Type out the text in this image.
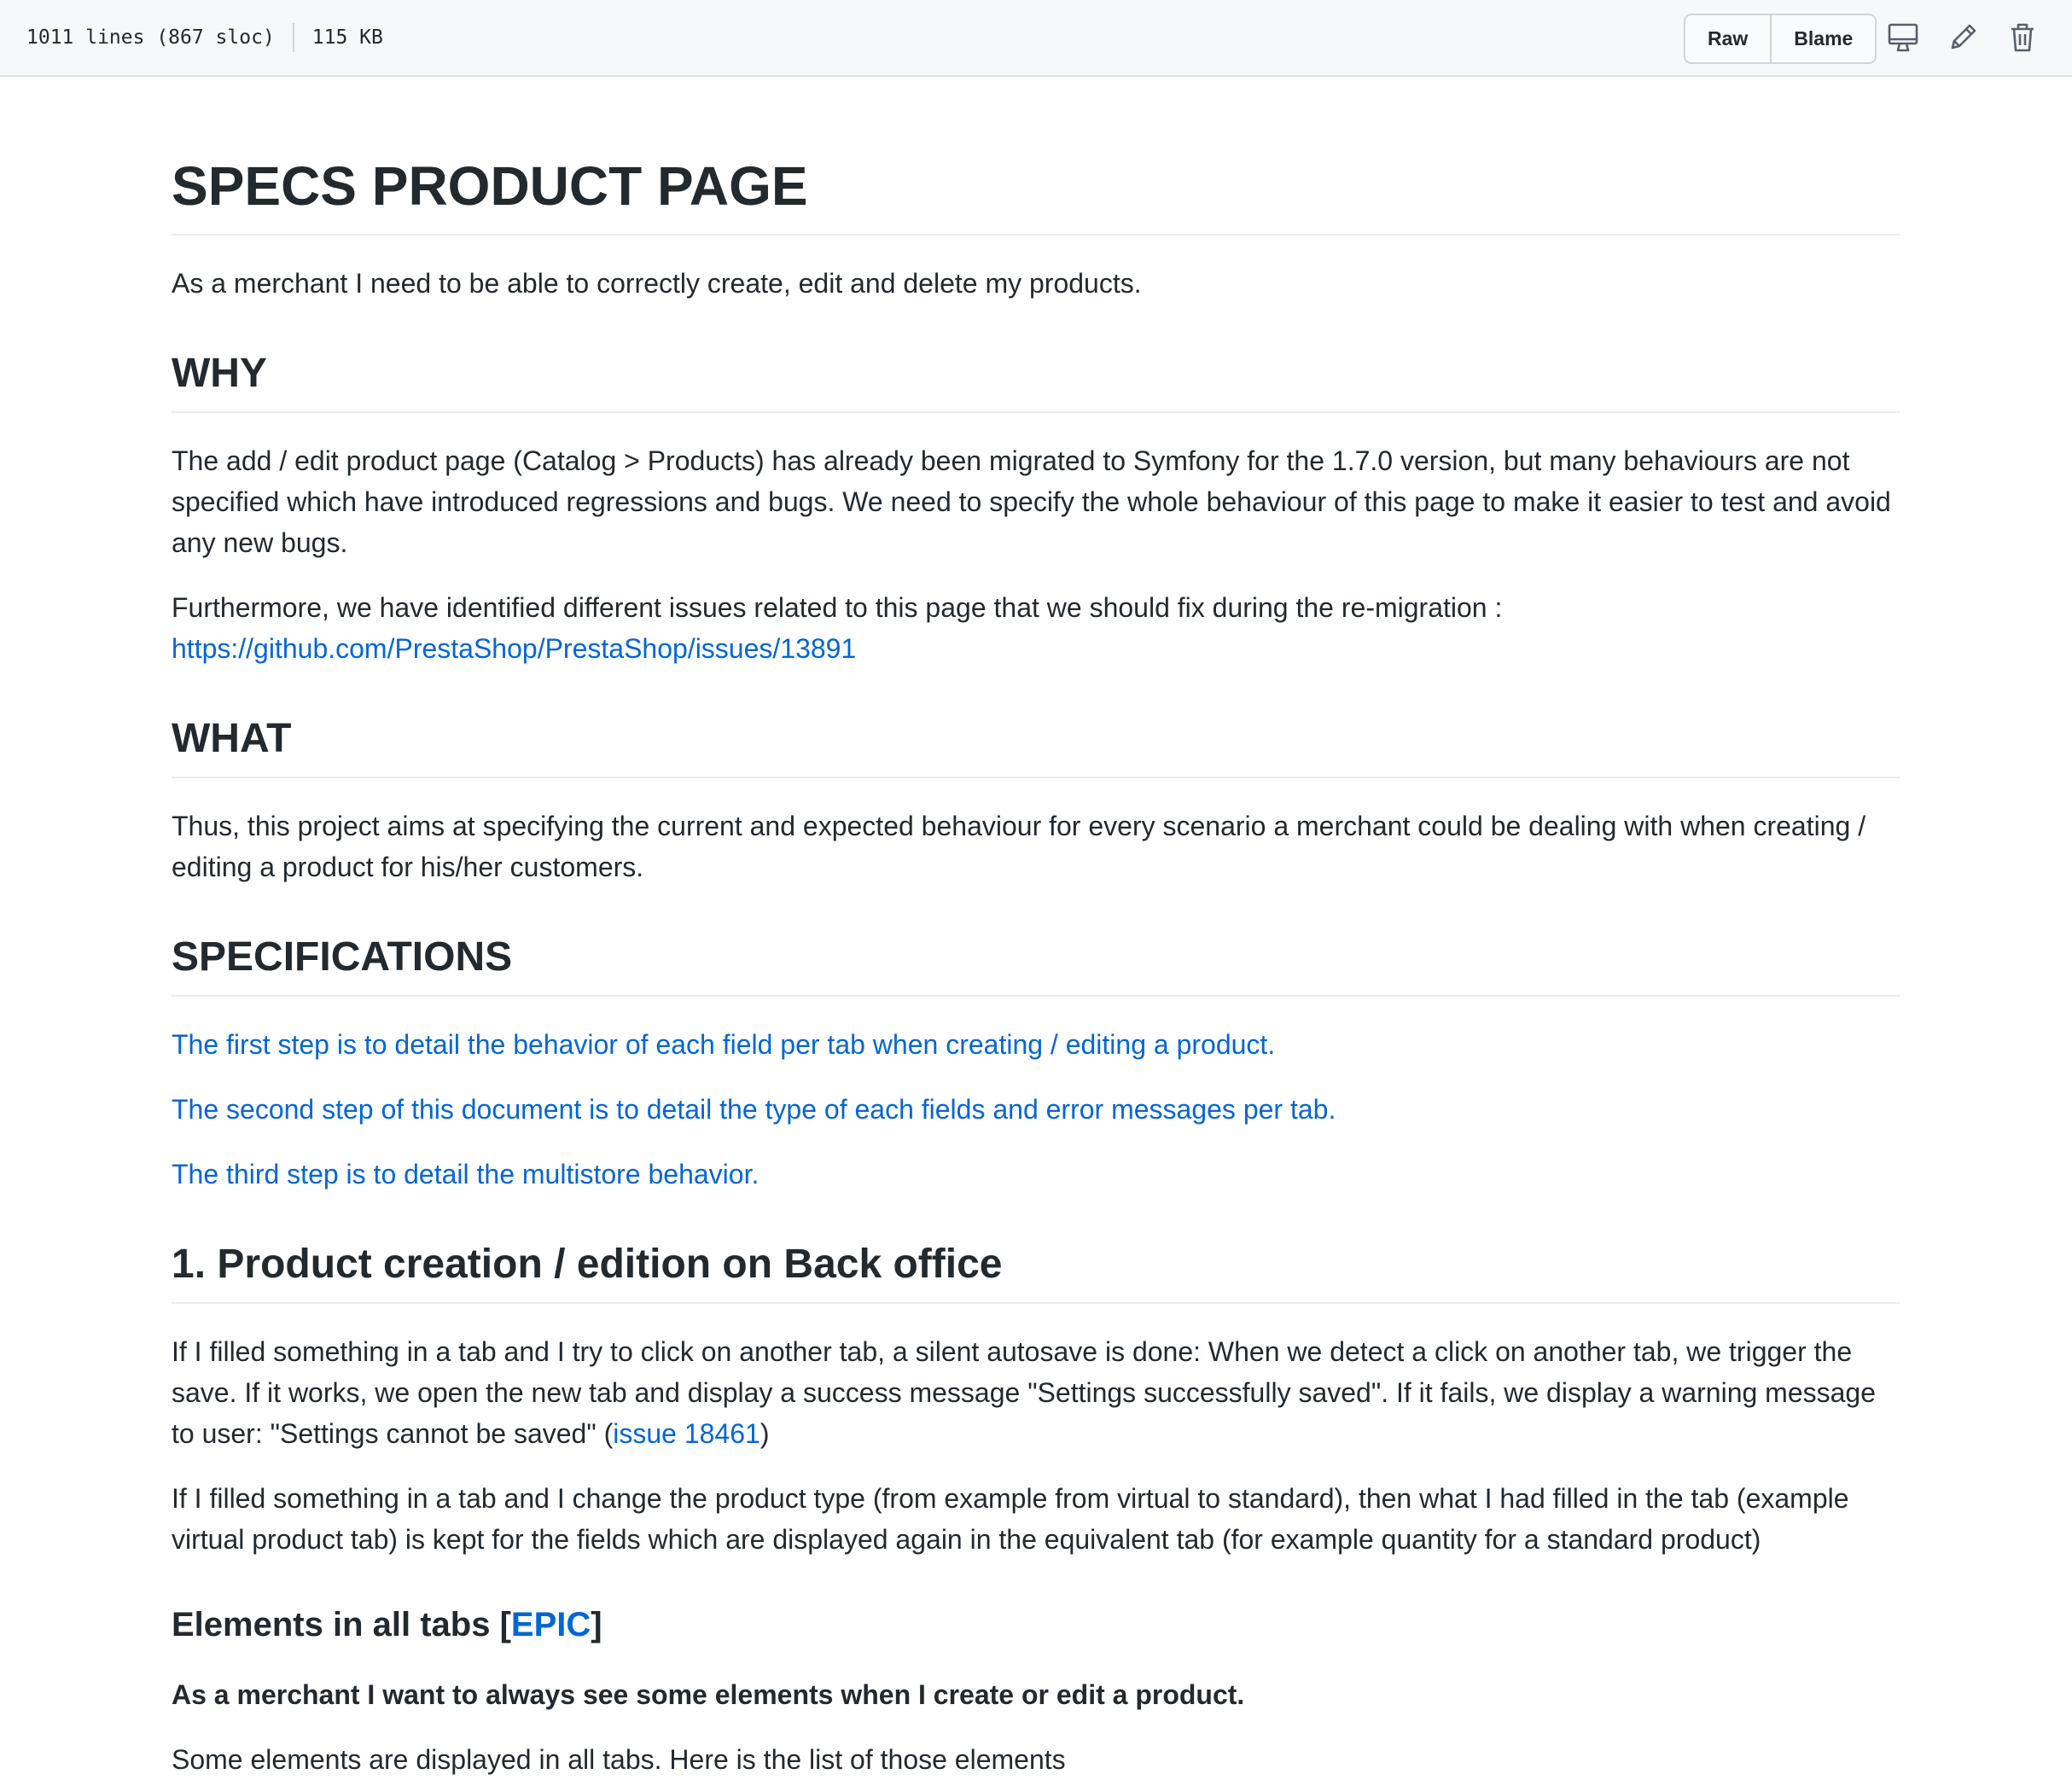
1011 lines (867 sloc) 115 KB	Raw	Blame
SPECS PRODUCT PAGE

As a merchant I need to be able to correctly create, edit and delete my products.

WHY

The add / edit product page (Catalog > Products) has already been migrated to Symfony for the 1.7.0 version, but many behaviours are not specified which have introduced regressions and bugs. We need to specify the whole behaviour of this page to make it easier to test and avoid any new bugs.

Furthermore, we have identified different issues related to this page that we should fix during the re-migration :
https://github.com/PrestaShop/PrestaShop/issues/13891

WHAT

Thus, this project aims at specifying the current and expected behaviour for every scenario a merchant could be dealing with when creating / editing a product for his/her customers.

SPECIFICATIONS

The first step is to detail the behavior of each field per tab when creating / editing a product.

The second step of this document is to detail the type of each fields and error messages per tab.

The third step is to detail the multistore behavior.

1. Product creation / edition on Back office

If I filled something in a tab and I try to click on another tab, a silent autosave is done: When we detect a click on another tab, we trigger the save. If it works, we open the new tab and display a success message "Settings successfully saved". If it fails, we display a warning message to user: "Settings cannot be saved" (issue 18461)

If I filled something in a tab and I change the product type (from example from virtual to standard), then what I had filled in the tab (example virtual product tab) is kept for the fields which are displayed again in the equivalent tab (for example quantity for a standard product)

Elements in all tabs [EPIC]

As a merchant I want to always see some elements when I create or edit a product.

Some elements are displayed in all tabs. Here is the list of those elements
